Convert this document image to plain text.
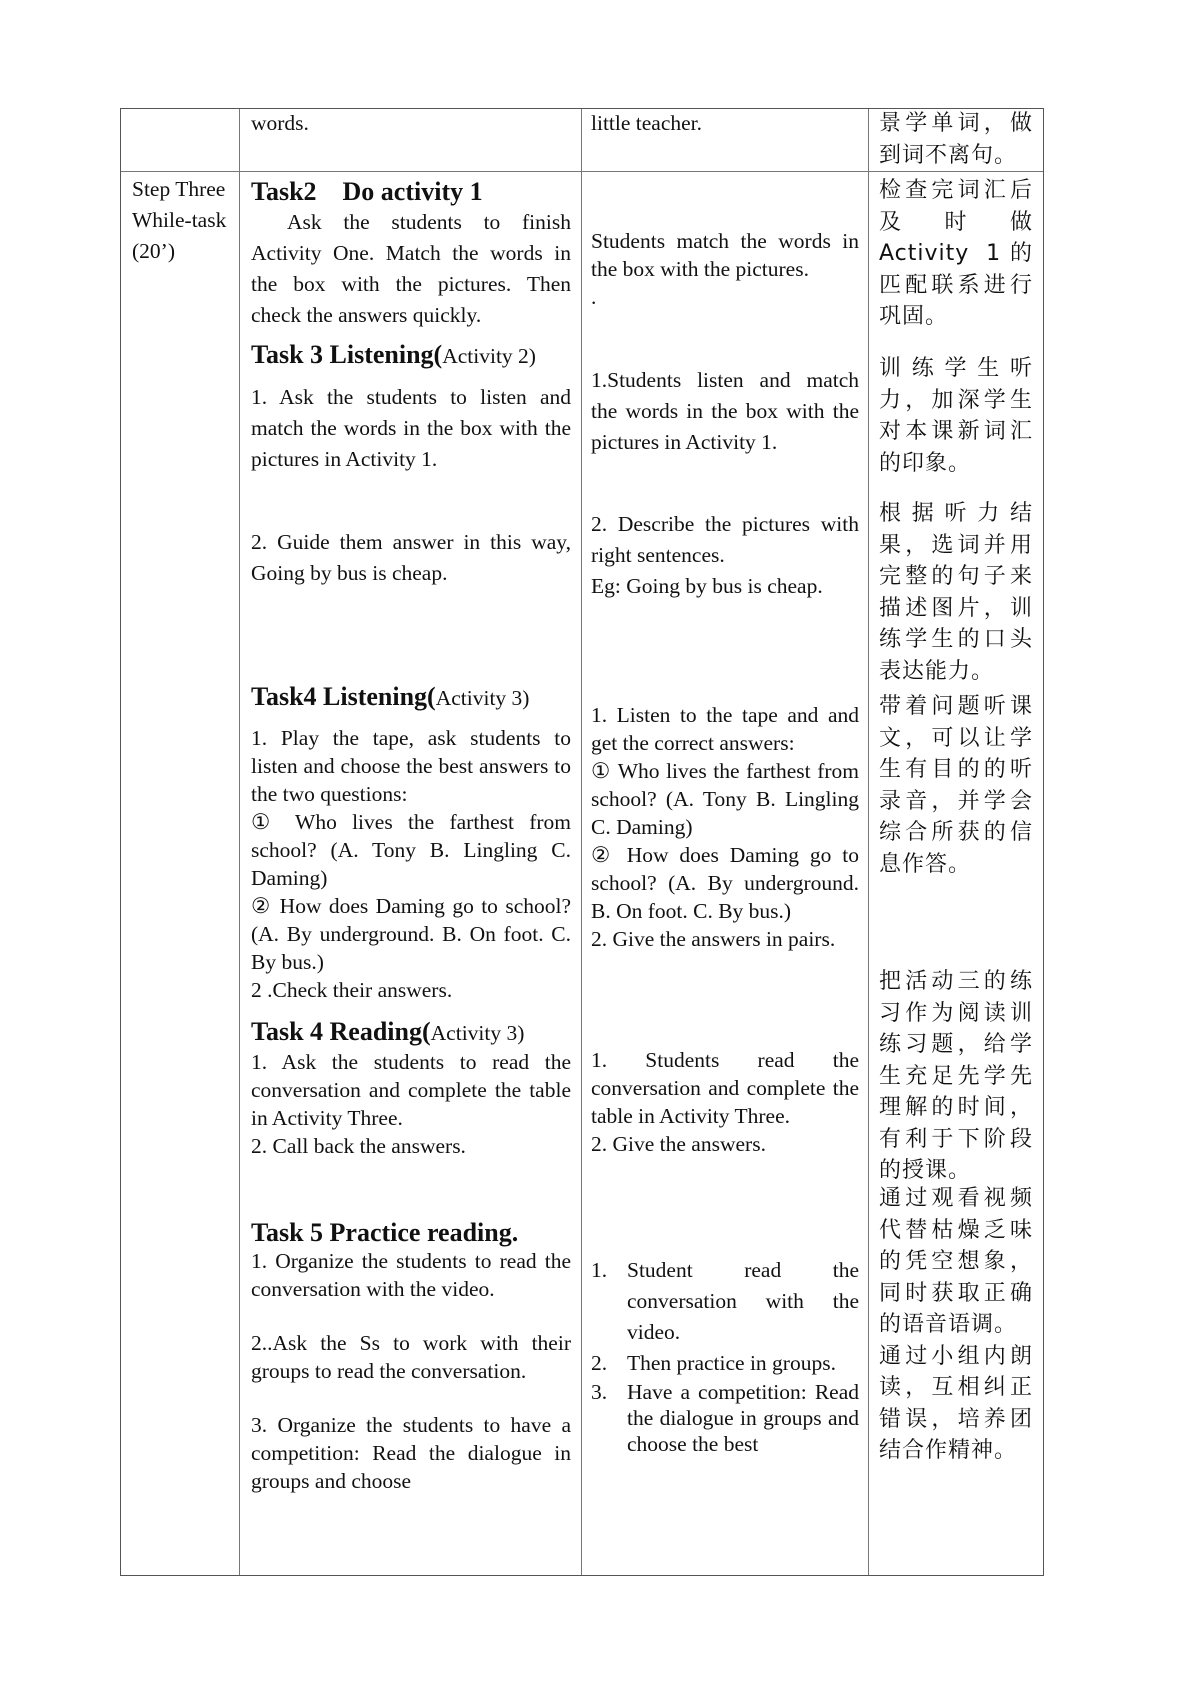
words.	little teacher.	景学单词，做到词不离句。

Step Three While-task (20’)

Task2    Do activity 1

Ask the students to finish Activity One. Match the words in the box with the pictures. Then check the answers quickly.

Students match the words in the box with the pictures.

.

检查完词汇后及时做Activity 1的匹配联系进行巩固。

Task 3 Listening(Activity 2)

1. Ask the students to listen and match the words in the box with the pictures in Activity 1.

2. Guide them answer in this way, Going by bus is cheap.

1.Students listen and match the words in the box with the pictures in Activity 1.

2. Describe the pictures with right sentences.

Eg: Going by bus is cheap.

训练学生听力，加深学生对本课新词汇的印象。

根据听力结果，选词并用完整的句子来描述图片，训练学生的口头表达能力。

Task4 Listening(Activity 3)

1. Play the tape, ask students to listen and choose the best answers to the two questions:

① Who lives the farthest from school? (A. Tony B. Lingling C. Daming)

② How does Daming go to school? (A. By underground. B. On foot. C. By bus.)

2 .Check their answers.

1. Listen to the tape and and get the correct answers:

① Who lives the farthest from school? (A. Tony B. Lingling C. Daming)

② How does Daming go to school? (A. By underground. B. On foot. C. By bus.)

2. Give the answers in pairs.

带着问题听课文，可以让学生有目的的听录音，并学会综合所获的信息作答。

Task 4 Reading(Activity 3)

1. Ask the students to read the conversation and complete the table in Activity Three.

2. Call back the answers.

1. Students read the conversation and complete the table in Activity Three.

2. Give the answers.

把活动三的练习作为阅读训练习题，给学生充足先学先理解的时间，有利于下阶段的授课。

Task 5 Practice reading.

1. Organize the students to read the conversation with the video.

2..Ask the Ss to work with their groups to read the conversation.

3. Organize the students to have a competition: Read the dialogue in groups and choose

1. Student read the conversation with the video.
2. Then practice in groups.
3. Have a competition: Read the dialogue in groups and choose the best

通过观看视频代替枯燥乏味的凭空想象，同时获取正确的语音语调。

通过小组内朗读，互相纠正错误，培养团结合作精神。
